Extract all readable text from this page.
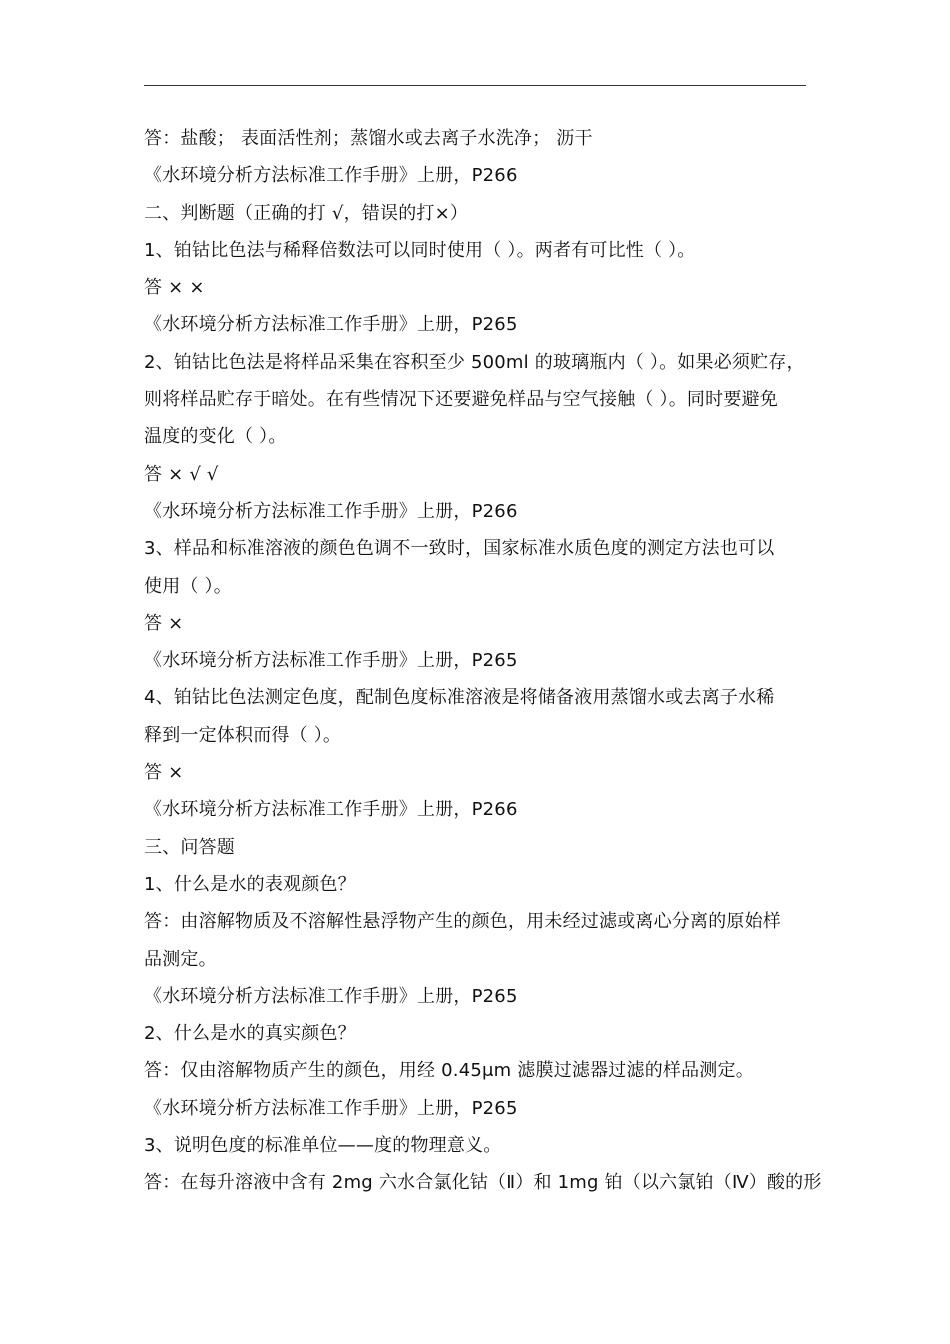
答：盐酸； 表面活性剂；蒸馏水或去离子水洗净； 沥干
《水环境分析方法标准工作手册》上册，P266
二、判断题（正确的打 √，错误的打×）
1、铂钴比色法与稀释倍数法可以同时使用（ ）。两者有可比性（ ）。
答 × ×
《水环境分析方法标准工作手册》上册，P265
2、铂钴比色法是将样品采集在容积至少 500ml 的玻璃瓶内（ ）。如果必须贮存，
则将样品贮存于暗处。在有些情况下还要避免样品与空气接触（ ）。同时要避免
温度的变化（ ）。
答 × √ √
《水环境分析方法标准工作手册》上册，P266
3、样品和标准溶液的颜色色调不一致时，国家标准水质色度的测定方法也可以
使用（ ）。
答 ×
《水环境分析方法标准工作手册》上册，P265
4、铂钴比色法测定色度，配制色度标准溶液是将储备液用蒸馏水或去离子水稀
释到一定体积而得（ ）。
答 ×
《水环境分析方法标准工作手册》上册，P266
三、问答题
1、什么是水的表观颜色？
答：由溶解物质及不溶解性悬浮物产生的颜色，用未经过滤或离心分离的原始样
品测定。
《水环境分析方法标准工作手册》上册，P265
2、什么是水的真实颜色？
答：仅由溶解物质产生的颜色，用经 0.45μm 滤膜过滤器过滤的样品测定。
《水环境分析方法标准工作手册》上册，P265
3、说明色度的标准单位——度的物理意义。
答：在每升溶液中含有 2mg 六水合氯化钴（Ⅱ）和 1mg 铂（以六氯铂（Ⅳ）酸的形
